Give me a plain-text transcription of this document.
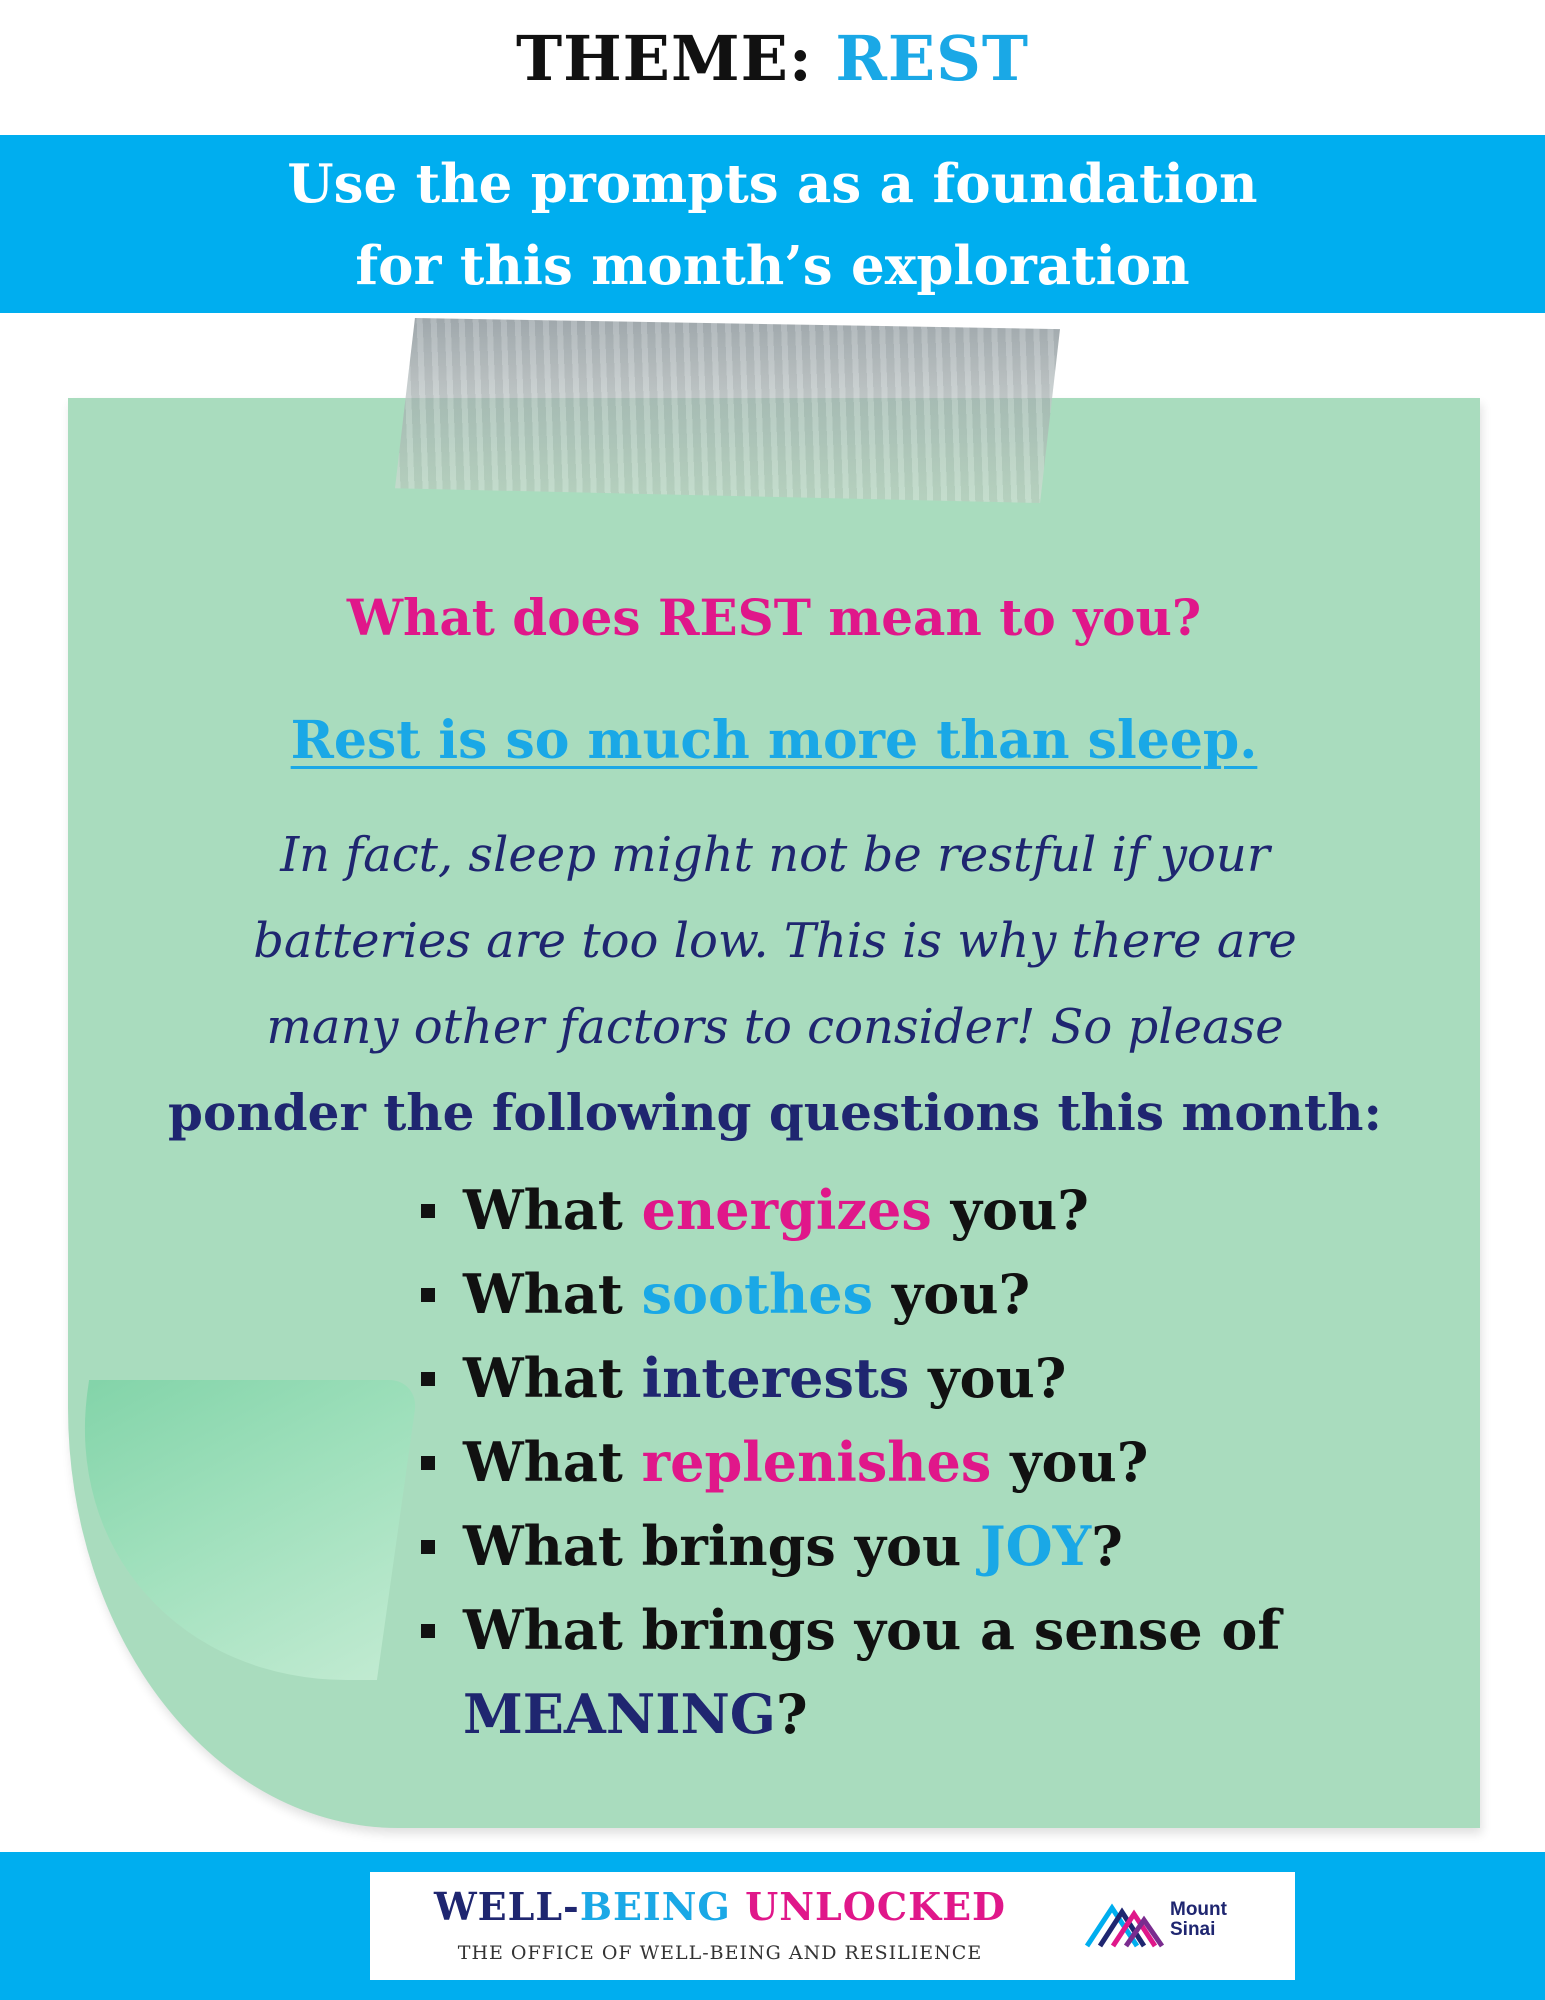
THEME: REST
Use the prompts as a foundation
for this month’s exploration
What does REST mean to you?
Rest is so much more than sleep.
In fact, sleep might not be restful if your
batteries are too low. This is why there are
many other factors to consider! So please
ponder the following questions this month:
What energizes you?
What soothes you?
What interests you?
What replenishes you?
What brings you JOY?
What brings you a sense of
MEANING?
WELL-BEING UNLOCKED
THE OFFICE OF WELL-BEING AND RESILIENCE
Mount
Sinai
